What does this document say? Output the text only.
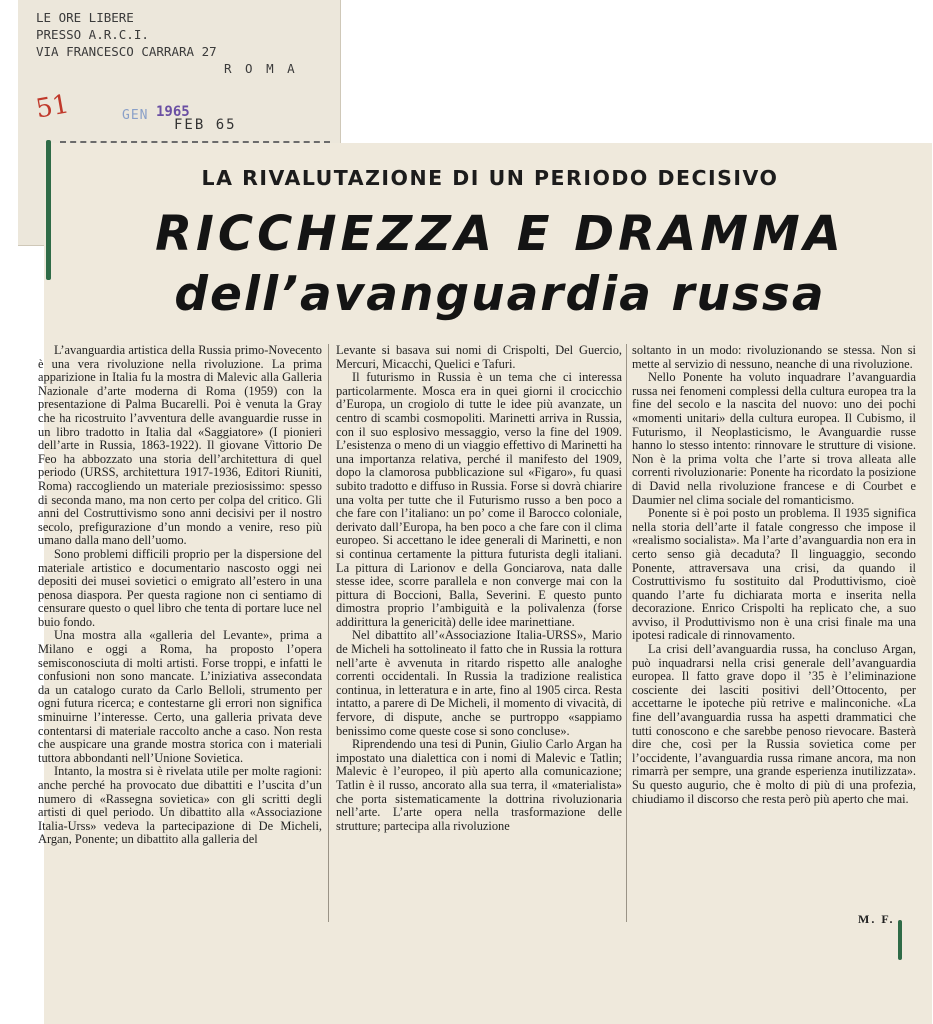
LE ORE LIBERE
PRESSO A.R.C.I.
VIA FRANCESCO CARRARA 27
R O M A
51	GEN 1965
FEB 65
LA RIVALUTAZIONE DI UN PERIODO DECISIVO
RICCHEZZA E DRAMMA
dell’avanguardia russa

L’avanguardia artistica della Russia primo-Novecento è una vera rivoluzione nella rivoluzione. La prima apparizione in Italia fu la mostra di Malevic alla Galleria Nazionale d’arte moderna di Roma (1959) con la presentazione di Palma Bucarelli. Poi è venuta la Gray che ha ricostruito l’avventura delle avanguardie russe in un libro tradotto in Italia dal «Saggiatore» (I pionieri dell’arte in Russia, 1863-1922). Il giovane Vittorio De Feo ha abbozzato una storia dell’architettura di quel periodo (URSS, architettura 1917-1936, Editori Riuniti, Roma) raccogliendo un materiale preziosissimo: spesso di seconda mano, ma non certo per colpa del critico. Gli anni del Costruttivismo sono anni decisivi per il nostro secolo, prefigurazione d’un mondo a venire, reso più umano dalla mano dell’uomo.

Sono problemi difficili proprio per la dispersione del materiale artistico e documentario nascosto oggi nei depositi dei musei sovietici o emigrato all’estero in una penosa diaspora. Per questa ragione non ci sentiamo di censurare questo o quel libro che tenta di portare luce nel buio fondo.

Una mostra alla «galleria del Levante», prima a Milano e oggi a Roma, ha proposto l’opera semisconosciuta di molti artisti. Forse troppi, e infatti le confusioni non sono mancate. L’iniziativa assecondata da un catalogo curato da Carlo Belloli, strumento per ogni futura ricerca; e contestarne gli errori non significa sminuirne l’interesse. Certo, una galleria privata deve contentarsi di materiale raccolto anche a caso. Non resta che auspicare una grande mostra storica con i materiali tuttora abbondanti nell’Unione Sovietica.

Intanto, la mostra si è rivelata utile per molte ragioni: anche perché ha provocato due dibattiti e l’uscita d’un numero di «Rassegna sovietica» con gli scritti degli artisti di quel periodo. Un dibattito alla «Associazione Italia-Urss» vedeva la partecipazione di De Micheli, Argan, Ponente; un dibattito alla galleria del

Levante si basava sui nomi di Crispolti, Del Guercio, Mercuri, Micacchi, Quelici e Tafuri.

Il futurismo in Russia è un tema che ci interessa particolarmente. Mosca era in quei giorni il crocicchio d’Europa, un crogiolo di tutte le idee più avanzate, un centro di scambi cosmopoliti. Marinetti arriva in Russia, con il suo esplosivo messaggio, verso la fine del 1909. L’esistenza o meno di un viaggio effettivo di Marinetti ha una importanza relativa, perché il manifesto del 1909, dopo la clamorosa pubblicazione sul «Figaro», fu quasi subito tradotto e diffuso in Russia. Forse si dovrà chiarire una volta per tutte che il Futurismo russo a ben poco a che fare con l’italiano: un po’ come il Barocco coloniale, derivato dall’Europa, ha ben poco a che fare con il clima europeo. Si accettano le idee generali di Marinetti, e non si continua certamente la pittura futurista degli italiani. La pittura di Larionov e della Gonciarova, nata dalle stesse idee, scorre parallela e non converge mai con la pittura di Boccioni, Balla, Severini. E questo punto dimostra proprio l’ambiguità e la polivalenza (forse addirittura la genericità) delle idee marinettiane.

Nel dibattito all’«Associazione Italia-URSS», Mario de Micheli ha sottolineato il fatto che in Russia la rottura nell’arte è avvenuta in ritardo rispetto alle analoghe correnti occidentali. In Russia la tradizione realistica continua, in letteratura e in arte, fino al 1905 circa. Resta intatto, a parere di De Micheli, il momento di vivacità, di fervore, di dispute, anche se purtroppo «sappiamo benissimo come queste cose si sono concluse».

Riprendendo una tesi di Punin, Giulio Carlo Argan ha impostato una dialettica con i nomi di Malevic e Tatlin; Malevic è l’europeo, il più aperto alla comunicazione; Tatlin è il russo, ancorato alla sua terra, il «materialista» che porta sistematicamente la dottrina rivoluzionaria nell’arte. L’arte opera nella trasformazione delle strutture; partecipa alla rivoluzione

soltanto in un modo: rivoluzionando se stessa. Non si mette al servizio di nessuno, neanche di una rivoluzione.

Nello Ponente ha voluto inquadrare l’avanguardia russa nei fenomeni complessi della cultura europea tra la fine del secolo e la nascita del nuovo: uno dei pochi «momenti unitari» della cultura europea. Il Cubismo, il Futurismo, il Neoplasticismo, le Avanguardie russe hanno lo stesso intento: rinnovare le strutture di visione. Non è la prima volta che l’arte si trova alleata alle correnti rivoluzionarie: Ponente ha ricordato la posizione di David nella rivoluzione francese e di Courbet e Daumier nel clima sociale del romanticismo.

Ponente si è poi posto un problema. Il 1935 significa nella storia dell’arte il fatale congresso che impose il «realismo socialista». Ma l’arte d’avanguardia non era in certo senso già decaduta? Il linguaggio, secondo Ponente, attraversava una crisi, da quando il Costruttivismo fu sostituito dal Produttivismo, cioè quando l’arte fu dichiarata morta e inserita nella decorazione. Enrico Crispolti ha replicato che, a suo avviso, il Produttivismo non è una crisi finale ma una ipotesi radicale di rinnovamento.

La crisi dell’avanguardia russa, ha concluso Argan, può inquadrarsi nella crisi generale dell’avanguardia europea. Il fatto grave dopo il ’35 è l’eliminazione cosciente dei lasciti positivi dell’Ottocento, per accettarne le ipoteche più retrive e malinconiche. «La fine dell’avanguardia russa ha aspetti drammatici che tutti conoscono e che sarebbe penoso rievocare. Basterà dire che, così per la Russia sovietica come per l’occidente, l’avanguardia russa rimane ancora, ma non rimarrà per sempre, una grande esperienza inutilizzata». Su questo augurio, che è molto di più di una profezia, chiudiamo il discorso che resta però più aperto che mai.

M. F.
